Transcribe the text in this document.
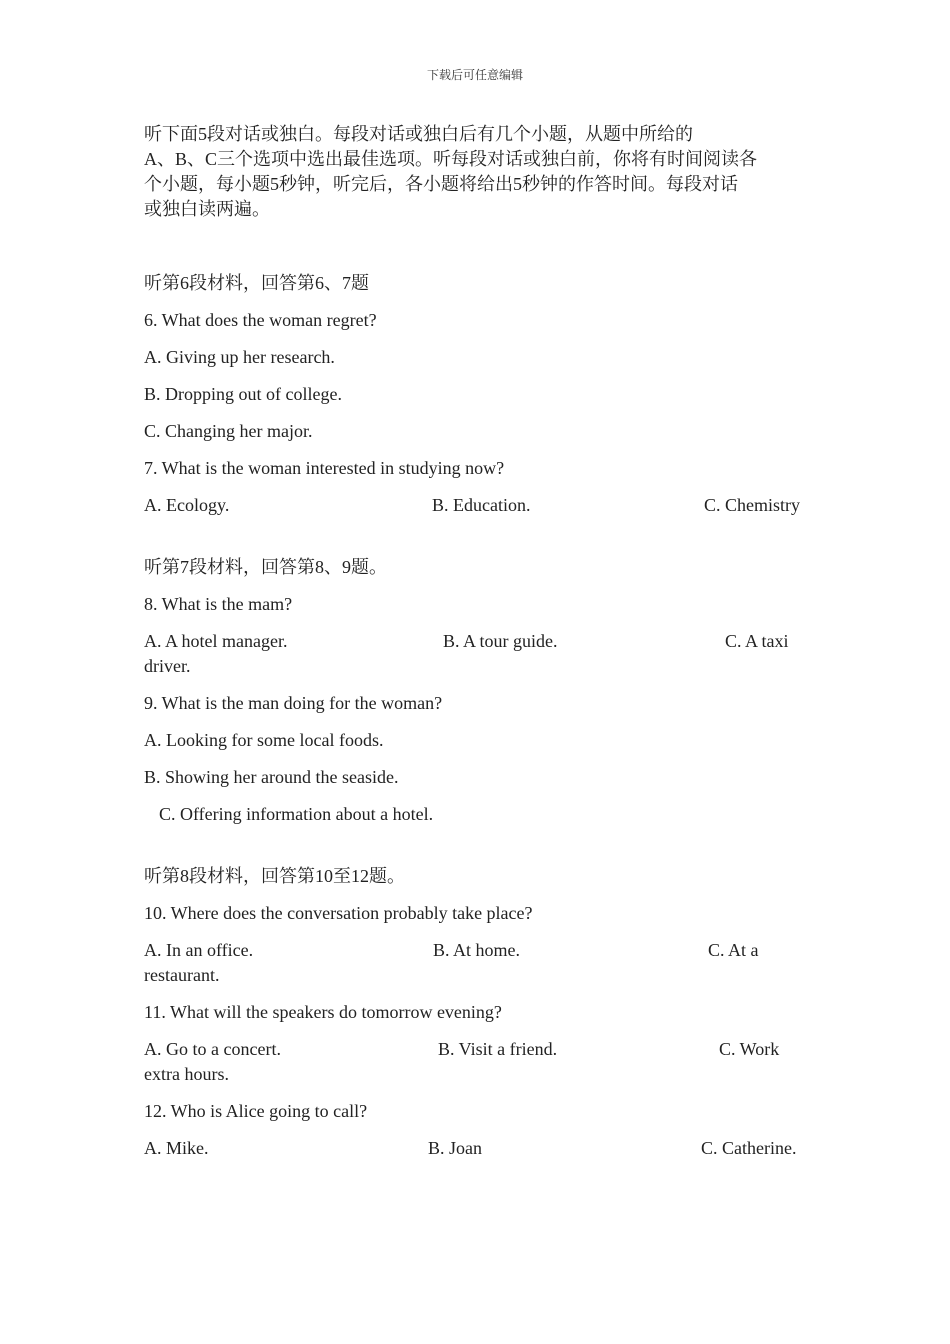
下载后可任意编辑

听下面5段对话或独白。每段对话或独白后有几个小题，从题中所给的
A、B、C三个选项中选出最佳选项。听每段对话或独白前，你将有时间阅读各
个小题，每小题5秒钟，听完后，各小题将给出5秒钟的作答时间。每段对话
或独白读两遍。

听第6段材料，回答第6、7题

6. What does the woman regret?

A. Giving up her research.

B. Dropping out of college.

C. Changing her major.

7. What is the woman interested in studying now?

A. Ecology.	B. Education.	C. Chemistry

听第7段材料，回答第8、9题。

8. What is the mam?

A. A hotel manager.	B. A tour guide.	C. A taxi
driver.

9. What is the man doing for the woman?

A. Looking for some local foods.

B. Showing her around the seaside.

C. Offering information about a hotel.

听第8段材料，回答第10至12题。

10. Where does the conversation probably take place?

A. In an office.	B. At home.	C. At a
restaurant.

11. What will the speakers do tomorrow evening?

A. Go to a concert.	B. Visit a friend.	C. Work
extra hours.

12. Who is Alice going to call?

A. Mike.	B. Joan	C. Catherine.
